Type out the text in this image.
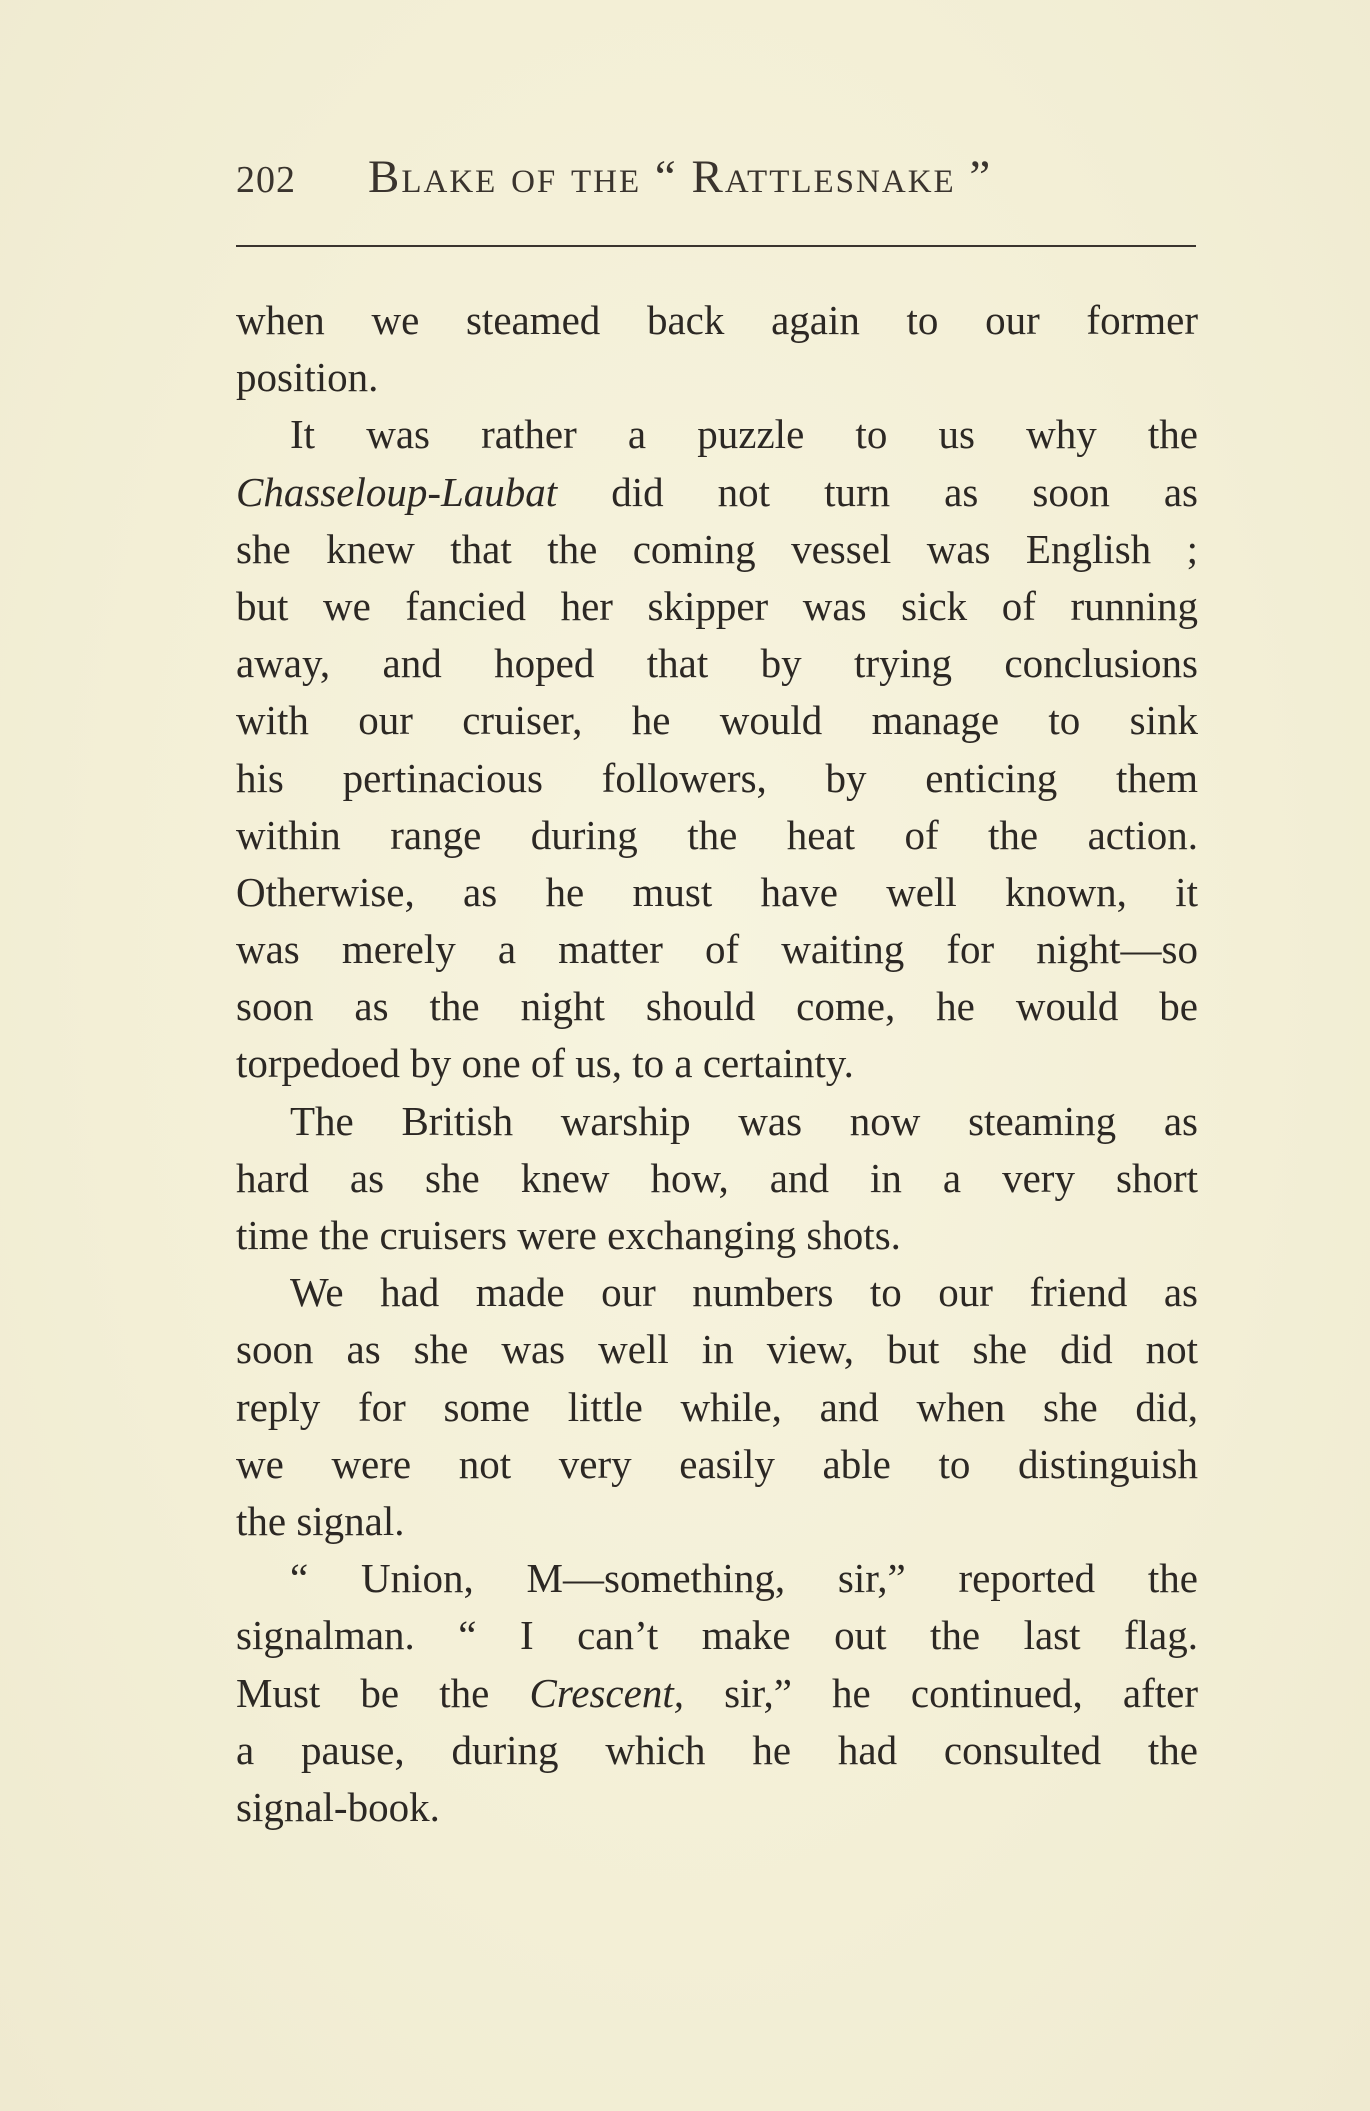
202 Blake of the “ Rattlesnake ”
when we steamed back again to our former
position.
It was rather a puzzle to us why the
Chasseloup-Laubat did not turn as soon as
she knew that the coming vessel was English ;
but we fancied her skipper was sick of running
away, and hoped that by trying conclusions
with our cruiser, he would manage to sink
his pertinacious followers, by enticing them
within range during the heat of the action.
Otherwise, as he must have well known, it
was merely a matter of waiting for night—so
soon as the night should come, he would be
torpedoed by one of us, to a certainty.
The British warship was now steaming as
hard as she knew how, and in a very short
time the cruisers were exchanging shots.
We had made our numbers to our friend as
soon as she was well in view, but she did not
reply for some little while, and when she did,
we were not very easily able to distinguish
the signal.
“ Union, M—something, sir,” reported the
signalman. “ I can’t make out the last flag.
Must be the Crescent, sir,” he continued, after
a pause, during which he had consulted the
signal-book.
